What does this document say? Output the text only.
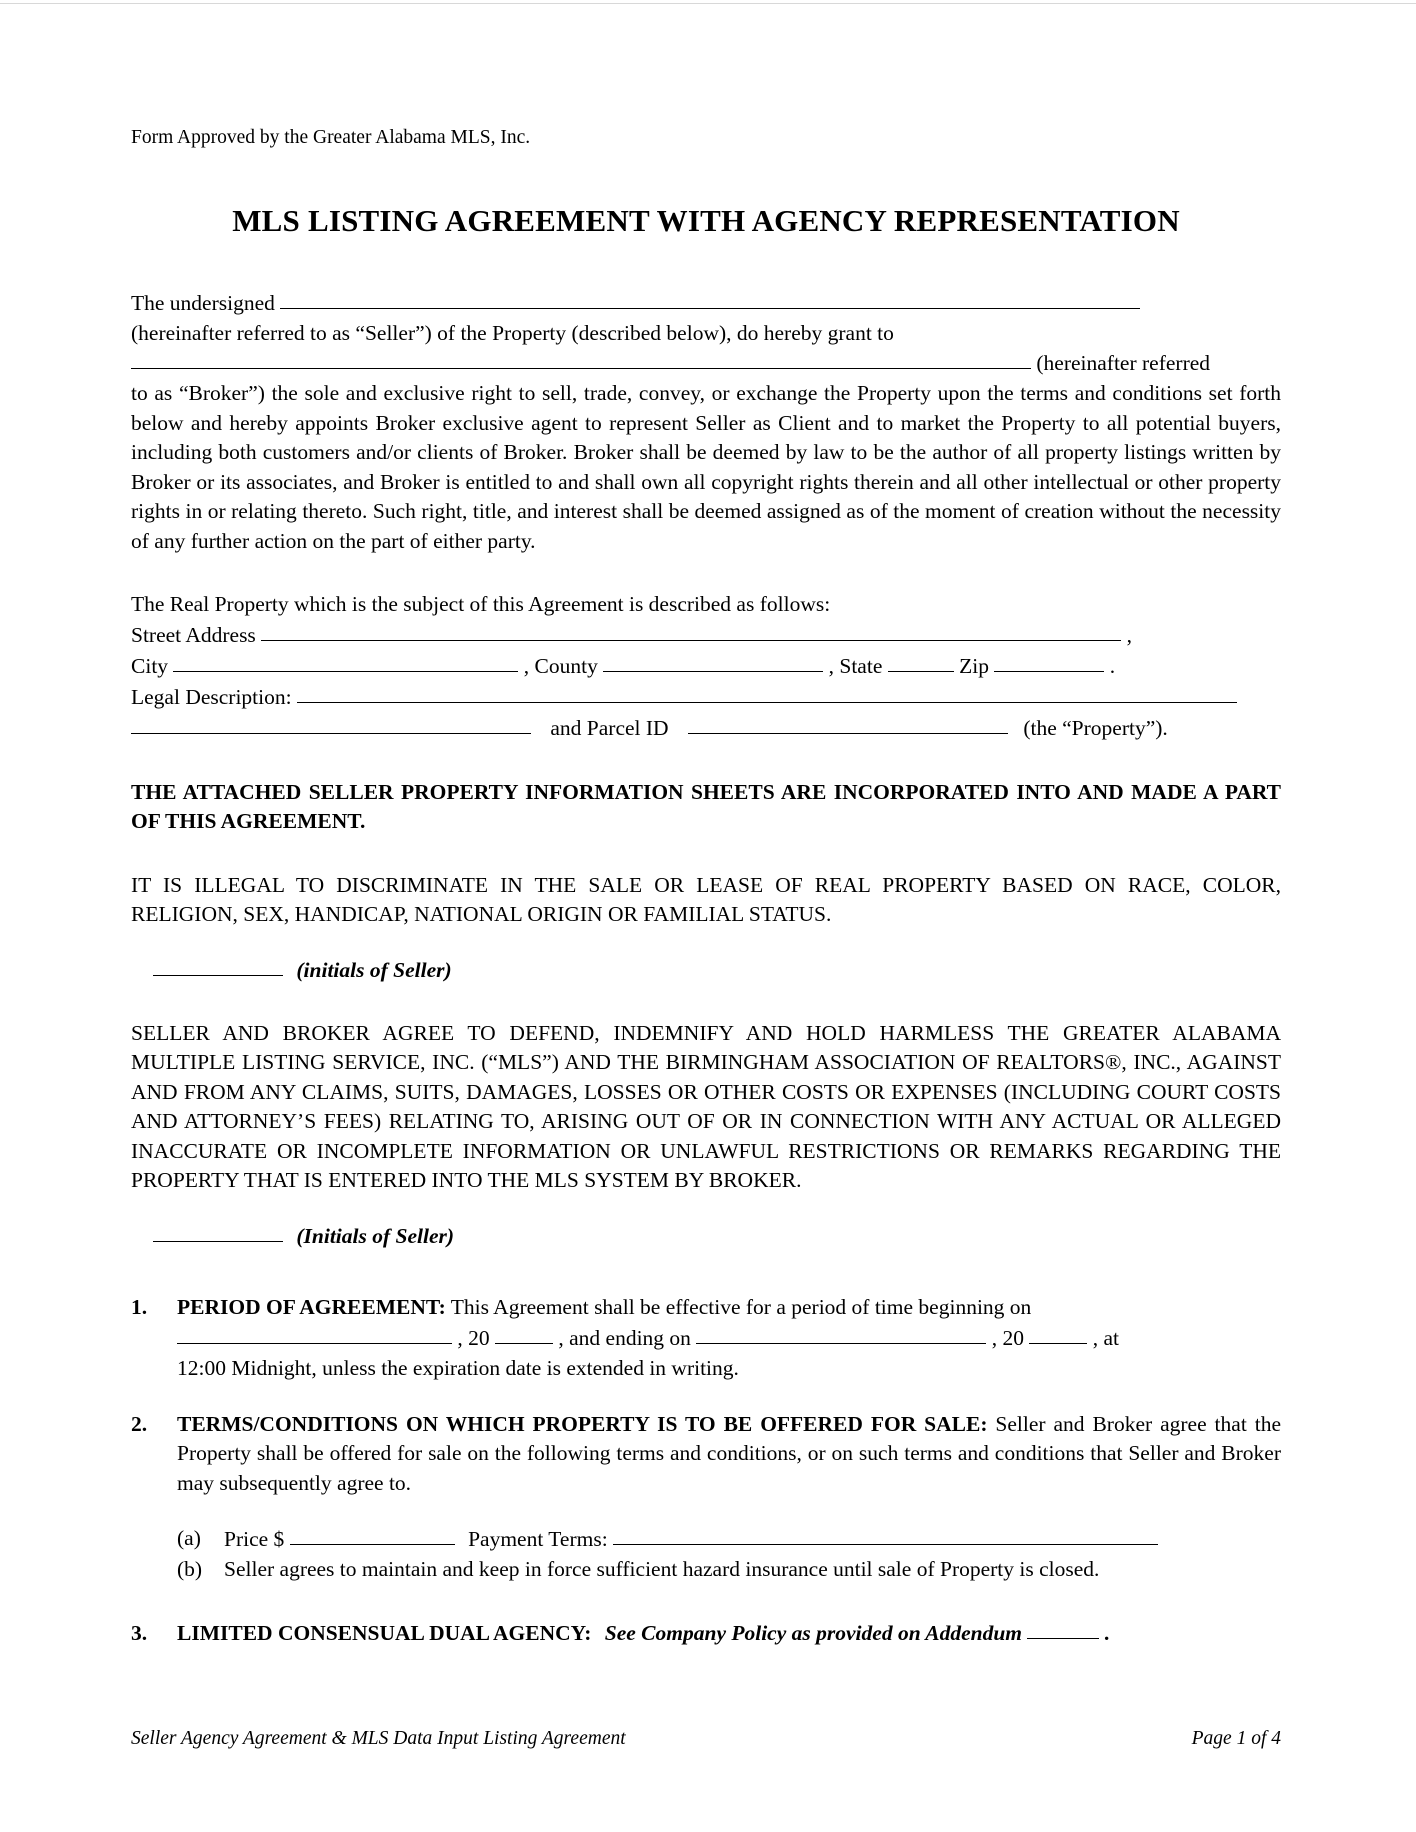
Form Approved by the Greater Alabama MLS, Inc.
MLS LISTING AGREEMENT WITH AGENCY REPRESENTATION
The undersigned
(hereinafter referred to as “Seller”) of the Property (described below), do hereby grant to
(hereinafter referred
to as “Broker”) the sole and exclusive right to sell, trade, convey, or exchange the Property upon the terms and conditions set forth below and hereby appoints Broker exclusive agent to represent Seller as Client and to market the Property to all potential buyers, including both customers and/or clients of Broker. Broker shall be deemed by law to be the author of all property listings written by Broker or its associates, and Broker is entitled to and shall own all copyright rights therein and all other intellectual or other property rights in or relating thereto. Such right, title, and interest shall be deemed assigned as of the moment of creation without the necessity of any further action on the part of either party.
The Real Property which is the subject of this Agreement is described as follows:
Street Address	,
City	, County	, State	Zip	.
Legal Description:
and Parcel ID	(the “Property”).
THE ATTACHED SELLER PROPERTY INFORMATION SHEETS ARE INCORPORATED INTO AND MADE A PART OF THIS AGREEMENT.
IT IS ILLEGAL TO DISCRIMINATE IN THE SALE OR LEASE OF REAL PROPERTY BASED ON RACE, COLOR, RELIGION, SEX, HANDICAP, NATIONAL ORIGIN OR FAMILIAL STATUS.
(initials of Seller)
SELLER AND BROKER AGREE TO DEFEND, INDEMNIFY AND HOLD HARMLESS THE GREATER ALABAMA MULTIPLE LISTING SERVICE, INC. (“MLS”) AND THE BIRMINGHAM ASSOCIATION OF REALTORS®, INC., AGAINST AND FROM ANY CLAIMS, SUITS, DAMAGES, LOSSES OR OTHER COSTS OR EXPENSES (INCLUDING COURT COSTS AND ATTORNEY’S FEES) RELATING TO, ARISING OUT OF OR IN CONNECTION WITH ANY ACTUAL OR ALLEGED INACCURATE OR INCOMPLETE INFORMATION OR UNLAWFUL RESTRICTIONS OR REMARKS REGARDING THE PROPERTY THAT IS ENTERED INTO THE MLS SYSTEM BY BROKER.
(Initials of Seller)
1.	PERIOD OF AGREEMENT: This Agreement shall be effective for a period of time beginning on
, 20	, and ending on	, 20	, at
12:00 Midnight, unless the expiration date is extended in writing.
2.	TERMS/CONDITIONS ON WHICH PROPERTY IS TO BE OFFERED FOR SALE: Seller and Broker agree that the Property shall be offered for sale on the following terms and conditions, or on such terms and conditions that Seller and Broker may subsequently agree to.
(a)	Price $	Payment Terms:
(b)	Seller agrees to maintain and keep in force sufficient hazard insurance until sale of Property is closed.
3.	LIMITED CONSENSUAL DUAL AGENCY: See Company Policy as provided on Addendum	.
Seller Agency Agreement & MLS Data Input Listing Agreement	Page 1 of 4
